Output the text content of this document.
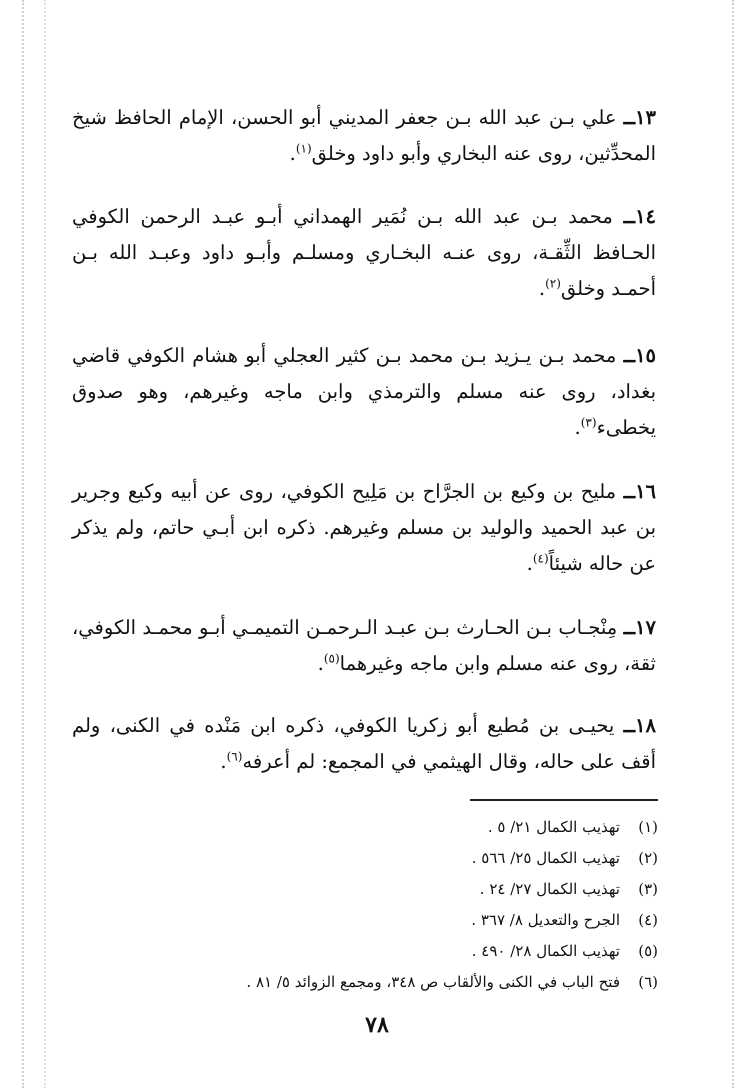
١٣ــ علي بـن عبد الله بـن جعفر المديني أبو الحسن، الإمام الحافظ شيخ المحدِّثين، روى عنه البخاري وأبو داود وخلق$^{(١)}$.

١٤ــ محمد بـن عبد الله بـن نُمَير الهمداني أبـو عبـد الرحمن الكوفي الحـافظ الثِّقـة، روى عنـه البخـاري ومسلـم وأبـو داود وعبـد الله بـن أحمـد وخلق$^{(٢)}$.

١٥ــ محمد بـن يـزيد بـن محمد بـن كثير العجلي أبو هشام الكوفي قاضي بغداد، روى عنه مسلم والترمذي وابن ماجه وغيرهم، وهو صدوق يخطىء$^{(٣)}$.

١٦ــ مليح بن وكيع بن الجرَّاح بن مَلِيح الكوفي، روى عن أبيه وكيع وجرير بن عبد الحميد والوليد بن مسلم وغيرهم. ذكره ابن أبـي حاتم، ولم يذكر عن حاله شيئاً$^{(٤)}$.

١٧ــ مِنْجـاب بـن الحـارث بـن عبـد الـرحمـن التميمـي أبـو محمـد الكوفي، ثقة، روى عنه مسلم وابن ماجه وغيرهما$^{(٥)}$.

١٨ــ يحيـى بن مُطيع أبو زكريا الكوفي، ذكره ابن مَنْده في الكنى، ولم أقف على حاله، وقال الهيثمي في المجمع: لم أعرفه$^{(٦)}$.

(١)تهذيب الكمال ٢١/ ٥ .
(٢)تهذيب الكمال ٢٥/ ٥٦٦ .
(٣)تهذيب الكمال ٢٧/ ٢٤ .
(٤)الجرح والتعديل ٨/ ٣٦٧ .
(٥)تهذيب الكمال ٢٨/ ٤٩٠ .
(٦)فتح الباب في الكنى والألقاب ص ٣٤٨، ومجمع الزوائد ٥/ ٨١ .
٧٨
